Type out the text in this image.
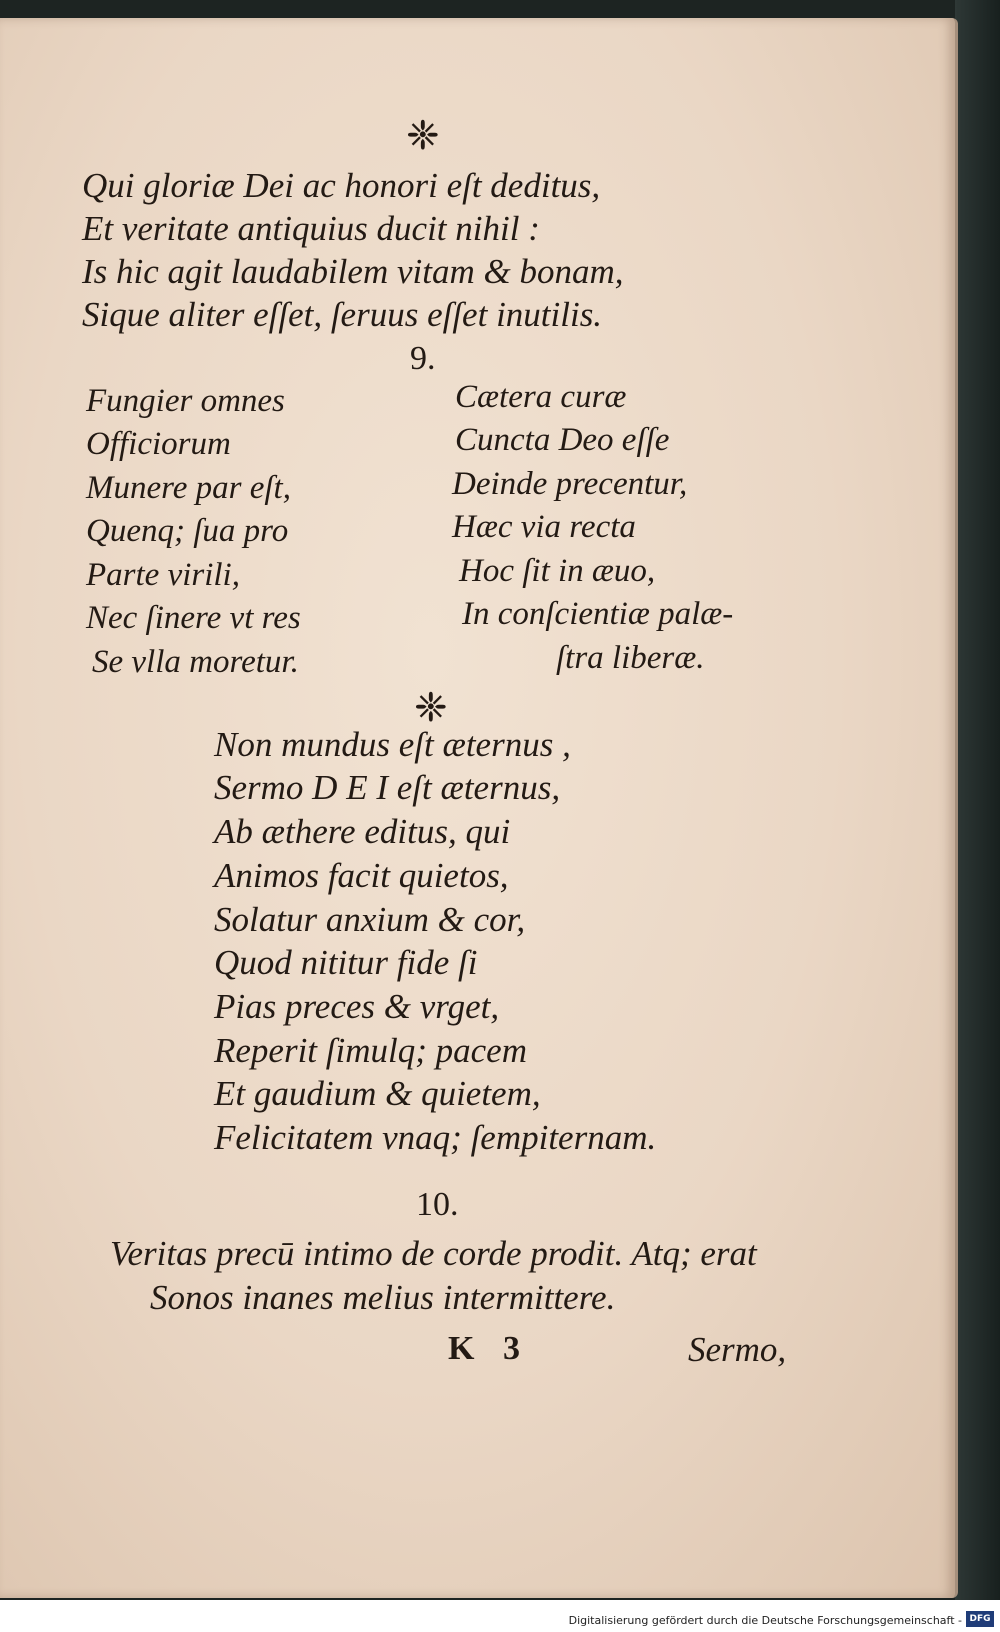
❈

Qui gloriæ Dei ac honori eſt deditus,

Et veritate antiquius ducit nihil :

Is hic agit laudabilem vitam & bonam,

Sique aliter eſſet, ſeruus eſſet inutilis.

9.

Fungier omnes

Officiorum

Munere par eſt,

Quenq; ſua pro

Parte virili,

Nec ſinere vt res

Se vlla moretur.

Cætera curæ

Cuncta Deo eſſe

Deinde precentur,

Hæc via recta

Hoc ſit in æuo,

In conſcientiæ palæ-

ſtra liberæ.

❈

Non mundus eſt æternus ,

Sermo D E I eſt æternus,

Ab æthere editus, qui

Animos facit quietos,

Solatur anxium & cor,

Quod nititur fide ſi

Pias preces & vrget,

Reperit ſimulq; pacem

Et gaudium & quietem,

Felicitatem vnaq; ſempiternam.

10.

Veritas precū intimo de corde prodit. Atq; erat

Sonos inanes melius intermittere.

K 3	Sermo,

Digitalisierung gefördert durch die Deutsche Forschungsgemeinschaft - DFG
